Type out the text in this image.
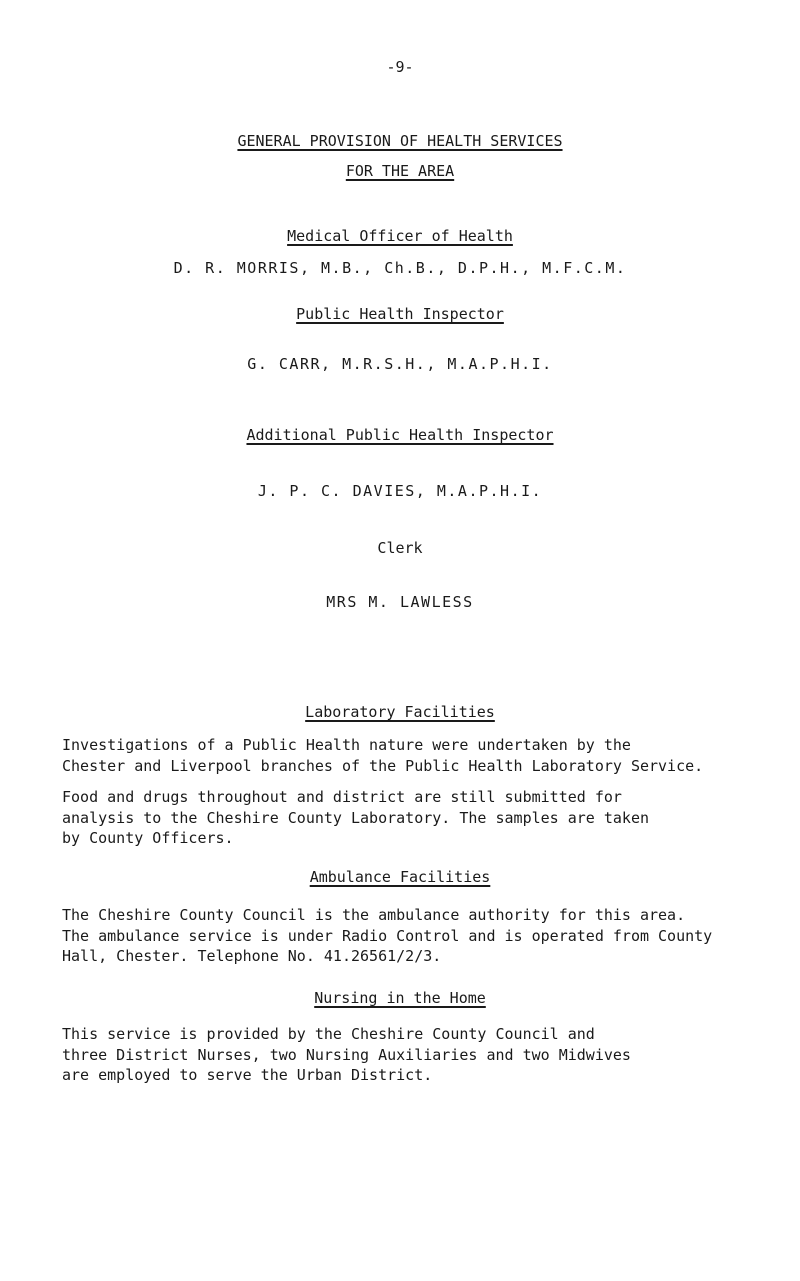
-9-
GENERAL PROVISION OF HEALTH SERVICES
FOR THE AREA
Medical Officer of Health
D. R. MORRIS, M.B., Ch.B., D.P.H., M.F.C.M.
Public Health Inspector
G. CARR, M.R.S.H., M.A.P.H.I.
Additional Public Health Inspector
J. P. C. DAVIES, M.A.P.H.I.
Clerk
MRS M. LAWLESS
Laboratory Facilities
Investigations of a Public Health nature were undertaken by the
Chester and Liverpool branches of the Public Health Laboratory Service.
Food and drugs throughout and district are still submitted for
analysis to the Cheshire County Laboratory. The samples are taken
by County Officers.
Ambulance Facilities
The Cheshire County Council is the ambulance authority for this area.
The ambulance service is under Radio Control and is operated from County
Hall, Chester. Telephone No. 41.26561/2/3.
Nursing in the Home
This service is provided by the Cheshire County Council and
three District Nurses, two Nursing Auxiliaries and two Midwives
are employed to serve the Urban District.
